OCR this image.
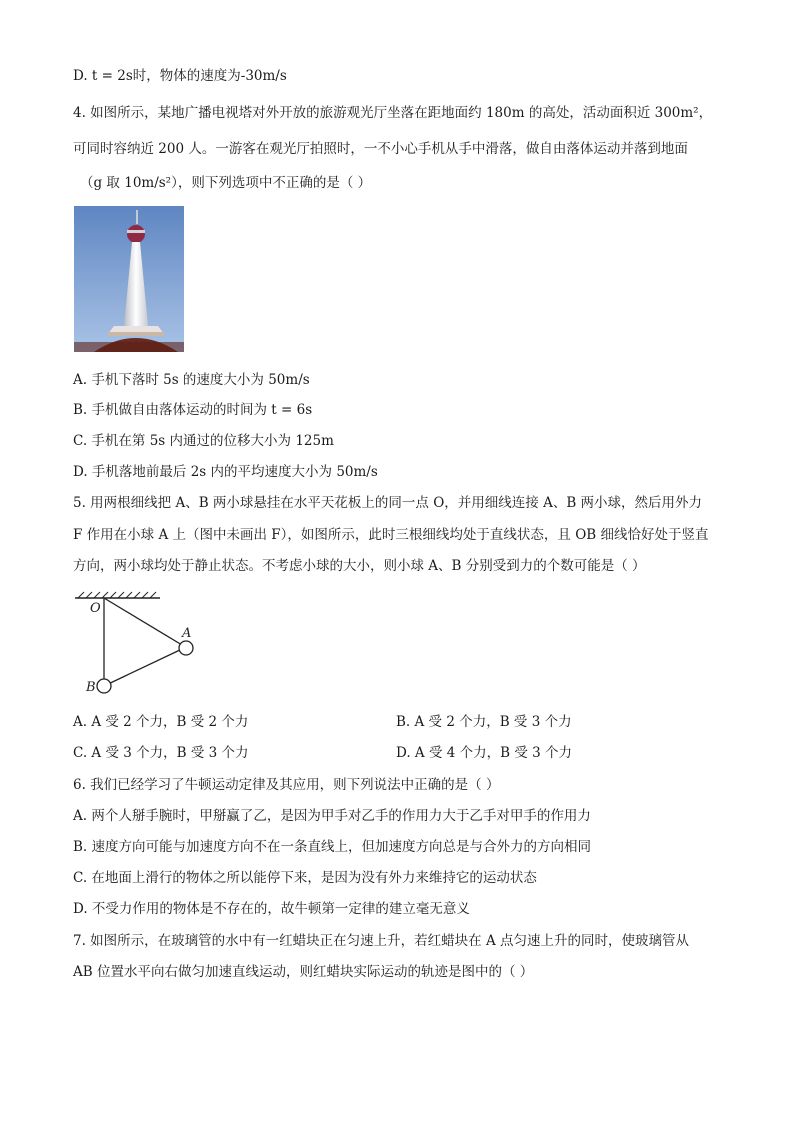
D. t = 2s时，物体的速度为-30m/s
4. 如图所示，某地广播电视塔对外开放的旅游观光厅坐落在距地面约 180m 的高处，活动面积近 300m²，
可同时容纳近 200 人。一游客在观光厅拍照时，一不小心手机从手中滑落，做自由落体运动并落到地面
（g 取 10m/s²），则下列选项中不正确的是（ ）
A. 手机下落时 5s 的速度大小为 50m/s
B. 手机做自由落体运动的时间为 t = 6s
C. 手机在第 5s 内通过的位移大小为 125m
D. 手机落地前最后 2s 内的平均速度大小为 50m/s
5. 用两根细线把 A、B 两小球悬挂在水平天花板上的同一点 O，并用细线连接 A、B 两小球，然后用外力
F 作用在小球 A 上（图中未画出 F），如图所示，此时三根细线均处于直线状态，且 OB 细线恰好处于竖直
方向，两小球均处于静止状态。不考虑小球的大小，则小球 A、B 分别受到力的个数可能是（ ）
O
A
B
A. A 受 2 个力，B 受 2 个力	B. A 受 2 个力，B 受 3 个力
C. A 受 3 个力，B 受 3 个力	D. A 受 4 个力，B 受 3 个力
6. 我们已经学习了牛顿运动定律及其应用，则下列说法中正确的是（ ）
A. 两个人掰手腕时，甲掰赢了乙，是因为甲手对乙手的作用力大于乙手对甲手的作用力
B. 速度方向可能与加速度方向不在一条直线上，但加速度方向总是与合外力的方向相同
C. 在地面上滑行的物体之所以能停下来，是因为没有外力来维持它的运动状态
D. 不受力作用的物体是不存在的，故牛顿第一定律的建立毫无意义
7. 如图所示，在玻璃管的水中有一红蜡块正在匀速上升，若红蜡块在 A 点匀速上升的同时，使玻璃管从
AB 位置水平向右做匀加速直线运动，则红蜡块实际运动的轨迹是图中的（ ）
